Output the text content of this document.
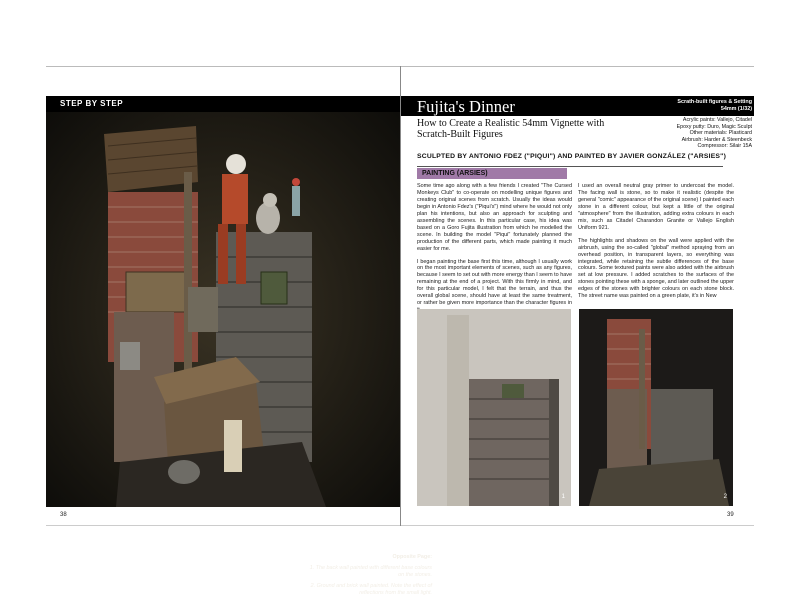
STEP BY STEP

Opposite Page:

1. The back wall painted with different base colours on the stones.

2. Ground and brick wall painted. Note the effect of reflections from the small light.

38
Fujita's Dinner	Scrath-built figures & Setting
54mm (1/32)
How to Create a Realistic 54mm Vignette with Scratch-Built Figures
Acrylic paints: Vallejo, Citadel
Epoxy putty: Duro, Magic Sculpt
Other materials: Plasticard
Airbrush: Harder & Steenbeck
Compressor: Silair 15A
SCULPTED BY ANTONIO FDEZ ("PIQUI") AND PAINTED BY JAVIER GONZÁLEZ ("ARSIES")
PAINTING (ARSIES)

Some time ago along with a few friends I created "The Cursed Monkeys Club" to co-operate on modelling unique figures and creating original scenes from scratch. Usually the ideas would begin in Antonio Fdez's ("Piqui's") mind where he would not only plan his intentions, but also an approach for sculpting and assembling the scenes. In this particular case, his idea was based on a Goro Fujita illustration from which he modelled the scene. In building the model "Piqui" fortunately planned the production of the different parts, which made painting it much easier for me.

I began painting the base first this time, although I usually work on the most important elements of scenes, such as any figures, because I seem to set out with more energy than I seem to have remaining at the end of a project. With this firmly in mind, and for this particular model, I felt that the terrain, and thus the overall global scene, should have at least the same treatment, or rather be given more importance than the character figures in

I used an overall neutral gray primer to undercoat the model. The facing wall is stone, so to make it realistic (despite the general "comic" appearance of the original scene) I painted each stone in a different colour, but kept a little of the original "atmosphere" from the illustration, adding extra colours in each mix, such as Citadel Charandon Granite or Vallejo English Uniform 921.

The highlights and shadows on the wall were applied with the airbrush, using the so-called "global" method spraying from an overhead position, in transparent layers, so everything was integrated, while retaining the subtle differences of the base colours. Some textured paints were also added with the airbrush set at low pressure. I added scratches to the surfaces of the stones pointing these with a sponge, and later outlined the upper edges of the stones with brighter colours on each stone block. The street name was painted on a green plate, it's in New

1	2
39
